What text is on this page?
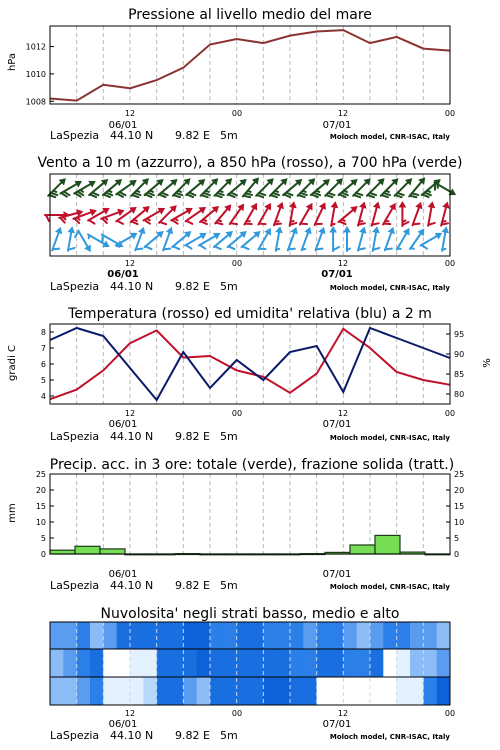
Pressione al livello medio del mare
hPa
1008
1010
1012
12	00	12	00
06/01	07/01
LaSpezia 44.10 N 9.82 E 5m	Moloch model, CNR-ISAC, Italy
Vento a 10 m (azzurro), a 850 hPa (rosso), a 700 hPa (verde)
12	00	12	00
06/01	07/01
LaSpezia 44.10 N 9.82 E 5m	Moloch model, CNR-ISAC, Italy
Temperatura (rosso) ed umidita' relativa (blu) a 2 m
gradi C	%
4
5
6
7
8
80
85
90
95
12	00	12	00
06/01	07/01
LaSpezia 44.10 N 9.82 E 5m	Moloch model, CNR-ISAC, Italy
Precip. acc. in 3 ore: totale (verde), frazione solida (tratt.)
mm
0
5
10
15
20
25
0
5
10
15
20
25
06/01	07/01
LaSpezia 44.10 N 9.82 E 5m	Moloch model, CNR-ISAC, Italy
Nuvolosita' negli strati basso, medio e alto
12	00	12	00
06/01	07/01
LaSpezia 44.10 N 9.82 E 5m	Moloch model, CNR-ISAC, Italy
